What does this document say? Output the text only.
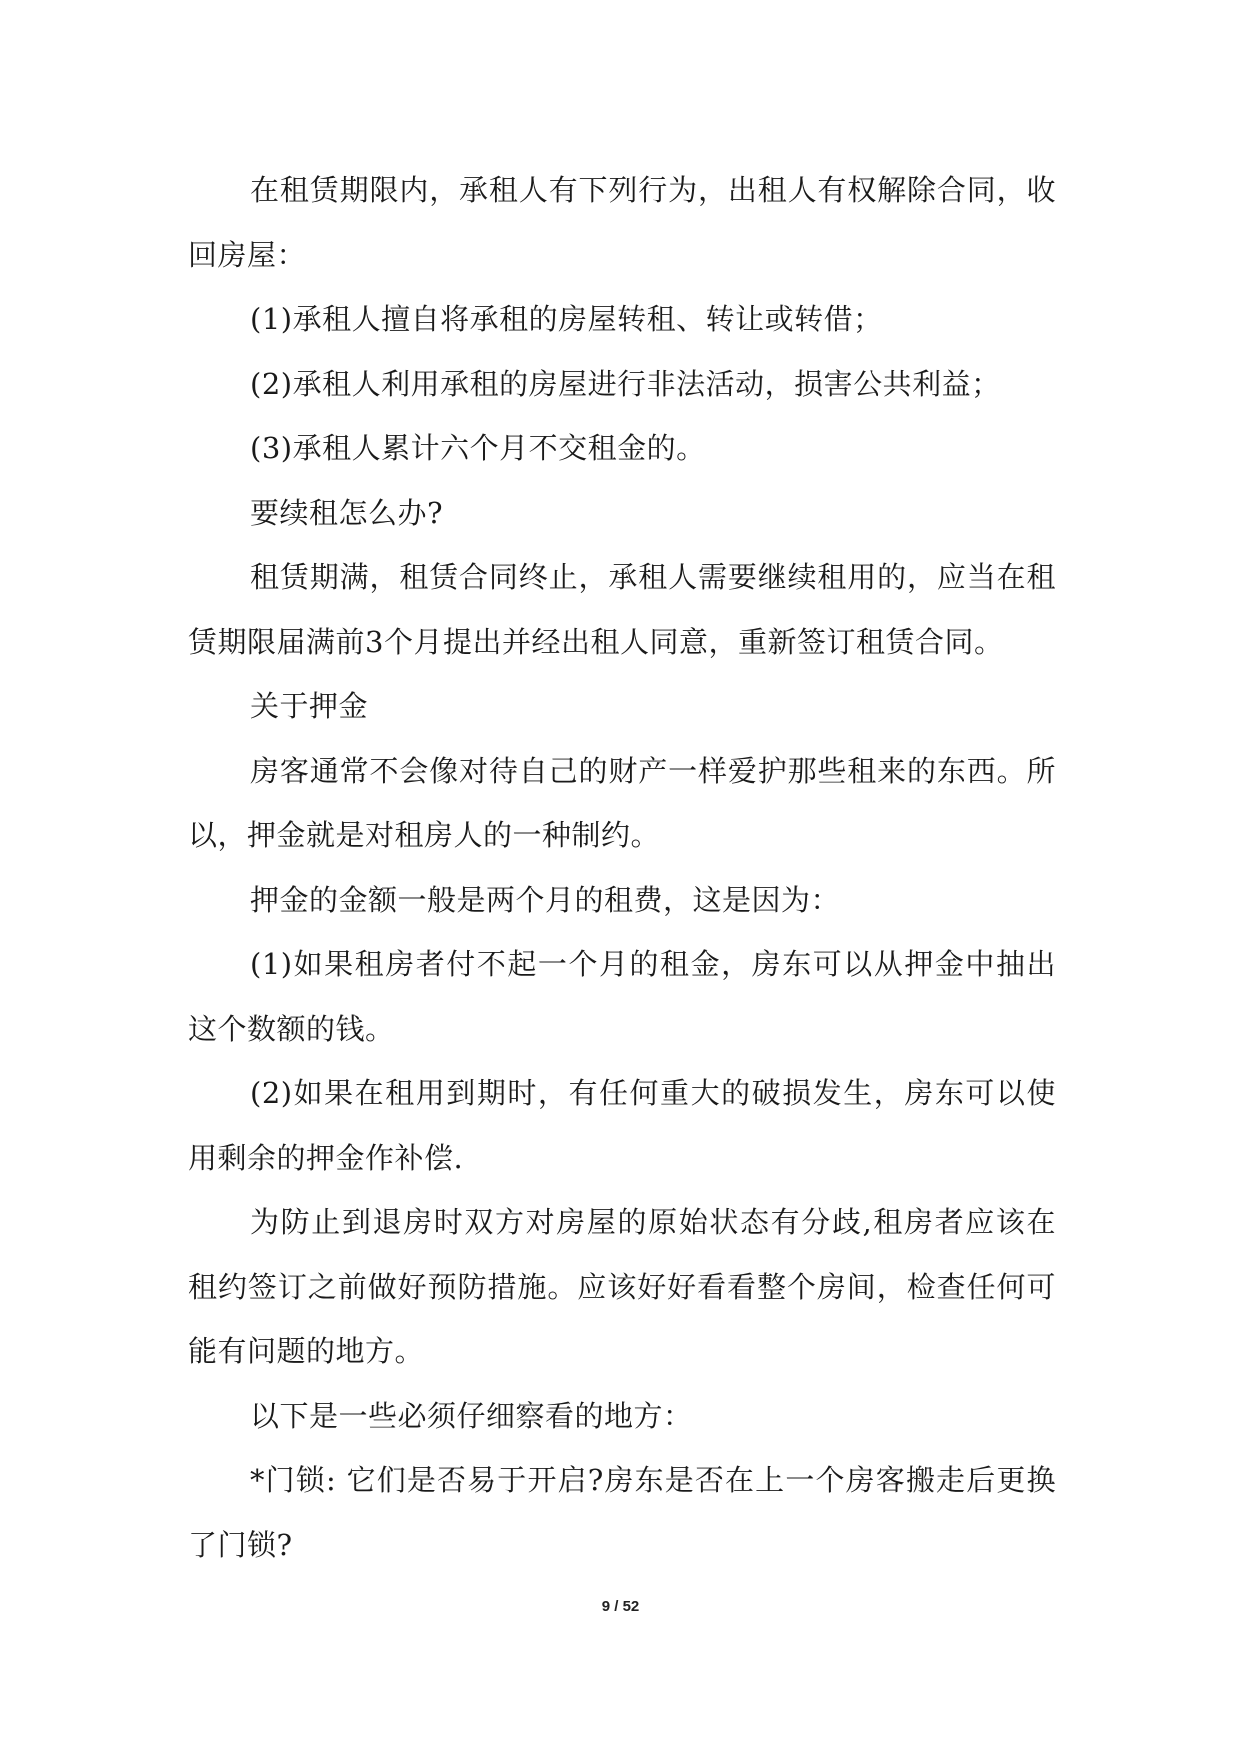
在租赁期限内，承租人有下列行为，出租人有权解除合同，收回房屋：

(1)承租人擅自将承租的房屋转租、转让或转借；

(2)承租人利用承租的房屋进行非法活动，损害公共利益；

(3)承租人累计六个月不交租金的。

要续租怎么办?

租赁期满，租赁合同终止，承租人需要继续租用的，应当在租赁期限届满前3个月提出并经出租人同意，重新签订租赁合同。

关于押金

房客通常不会像对待自己的财产一样爱护那些租来的东西。所以，押金就是对租房人的一种制约。

押金的金额一般是两个月的租费，这是因为：

(1)如果租房者付不起一个月的租金，房东可以从押金中抽出这个数额的钱。

(2)如果在租用到期时，有任何重大的破损发生，房东可以使用剩余的押金作补偿.

为防止到退房时双方对房屋的原始状态有分歧,租房者应该在租约签订之前做好预防措施。应该好好看看整个房间，检查任何可能有问题的地方。

以下是一些必须仔细察看的地方：

*门锁: 它们是否易于开启?房东是否在上一个房客搬走后更换了门锁?

9 / 52
